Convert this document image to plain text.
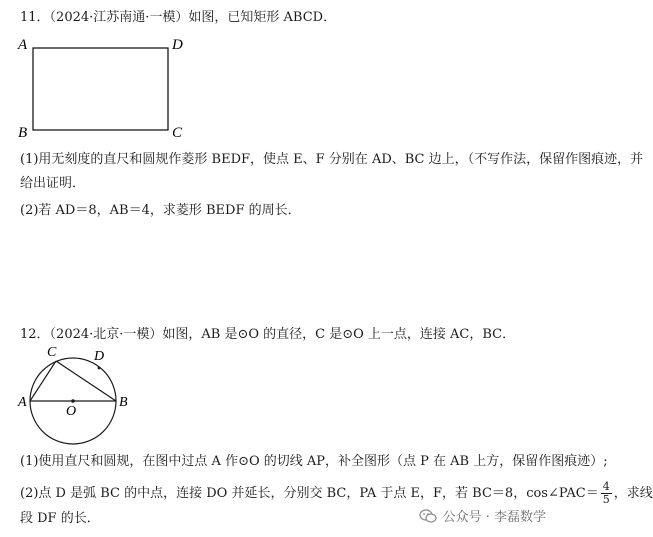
11．（2024·江苏南通·一模）如图，已知矩形 ABCD．
A	D
B	C
(1)用无刻度的直尺和圆规作菱形 BEDF，使点 E、F 分别在 AD、BC 边上，（不写作法，保留作图痕迹，并
给出证明．
(2)若 AD＝8，AB＝4，求菱形 BEDF 的周长．
12．（2024·北京·一模）如图，AB 是⊙O 的直径，C 是⊙O 上一点，连接 AC，BC．
C	D
A	B
O
(1)使用直尺和圆规，在图中过点 A 作⊙O 的切线 AP，补全图形（点 P 在 AB 上方，保留作图痕迹）;
(2)点 D 是弧 BC 的中点，连接 DO 并延长，分别交 BC，PA 于点 E，F，若 BC＝8，cos∠PAC＝ $\frac{4}{5}$ ，求线
段 DF 的长．	公众号 · 李磊数学
